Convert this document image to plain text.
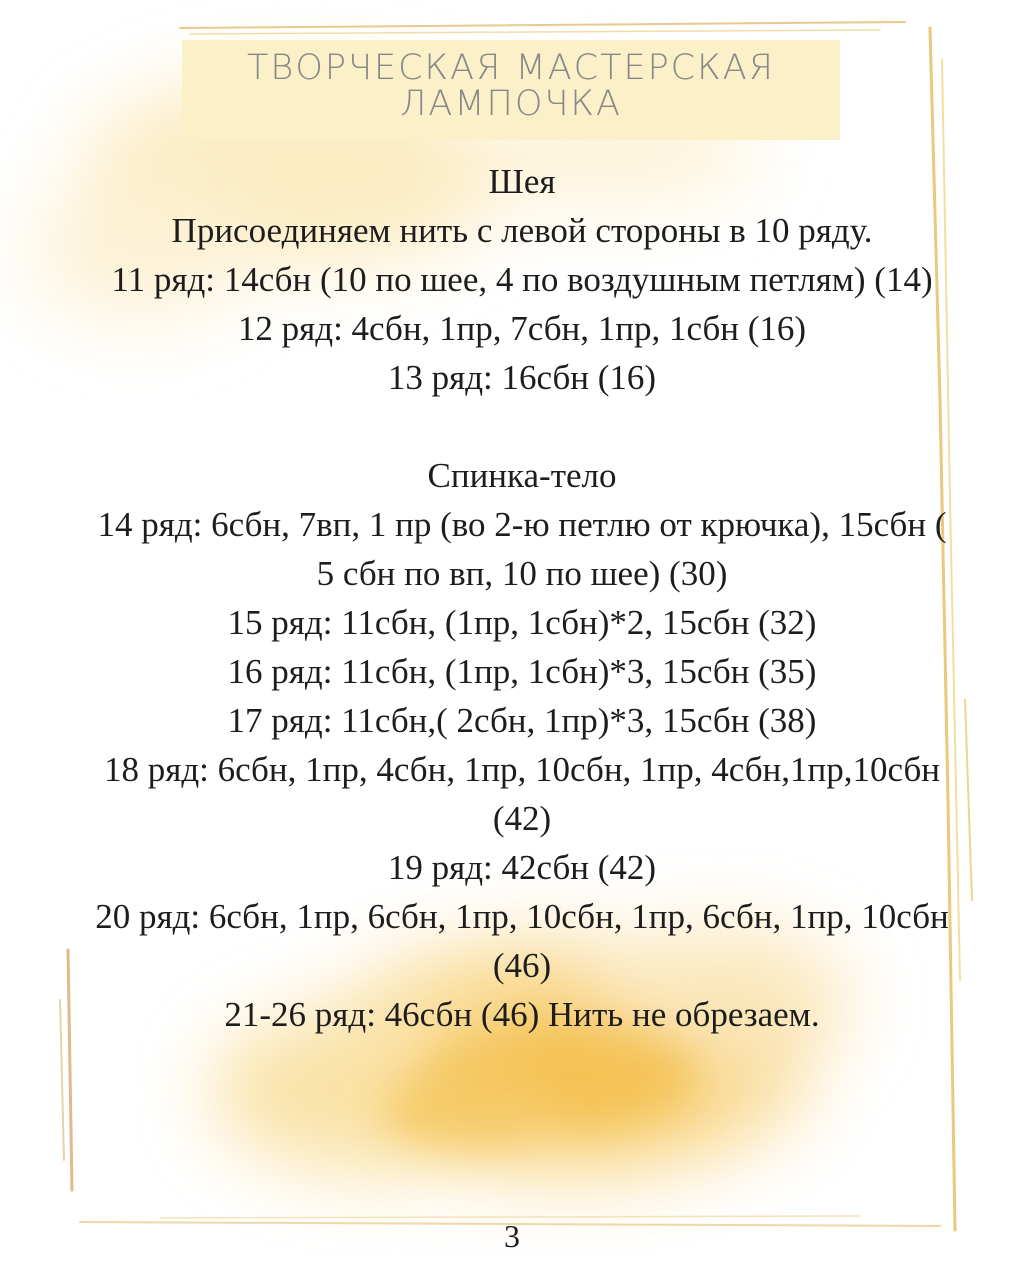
ТВОРЧЕСКАЯ МАСТЕРСКАЯ
ЛАМПОЧКА

Шея

Присоединяем нить с левой стороны в 10 ряду.

11 ряд: 14сбн (10 по шее, 4 по воздушным петлям) (14)

12 ряд: 4сбн, 1пр, 7сбн, 1пр, 1сбн (16)

13 ряд: 16сбн (16)

Спинка-тело

14 ряд: 6сбн, 7вп, 1 пр (во 2-ю петлю от крючка), 15сбн (

5 сбн по вп, 10 по шее) (30)

15 ряд: 11сбн, (1пр, 1сбн)*2, 15сбн (32)

16 ряд: 11сбн, (1пр, 1сбн)*3, 15сбн (35)

17 ряд: 11сбн,( 2сбн, 1пр)*3, 15сбн (38)

18 ряд: 6сбн, 1пр, 4сбн, 1пр, 10сбн, 1пр, 4сбн,1пр,10сбн

(42)

19 ряд: 42сбн (42)

20 ряд: 6сбн, 1пр, 6сбн, 1пр, 10сбн, 1пр, 6сбн, 1пр, 10сбн

(46)

21-26 ряд: 46сбн (46) Нить не обрезаем.

3
